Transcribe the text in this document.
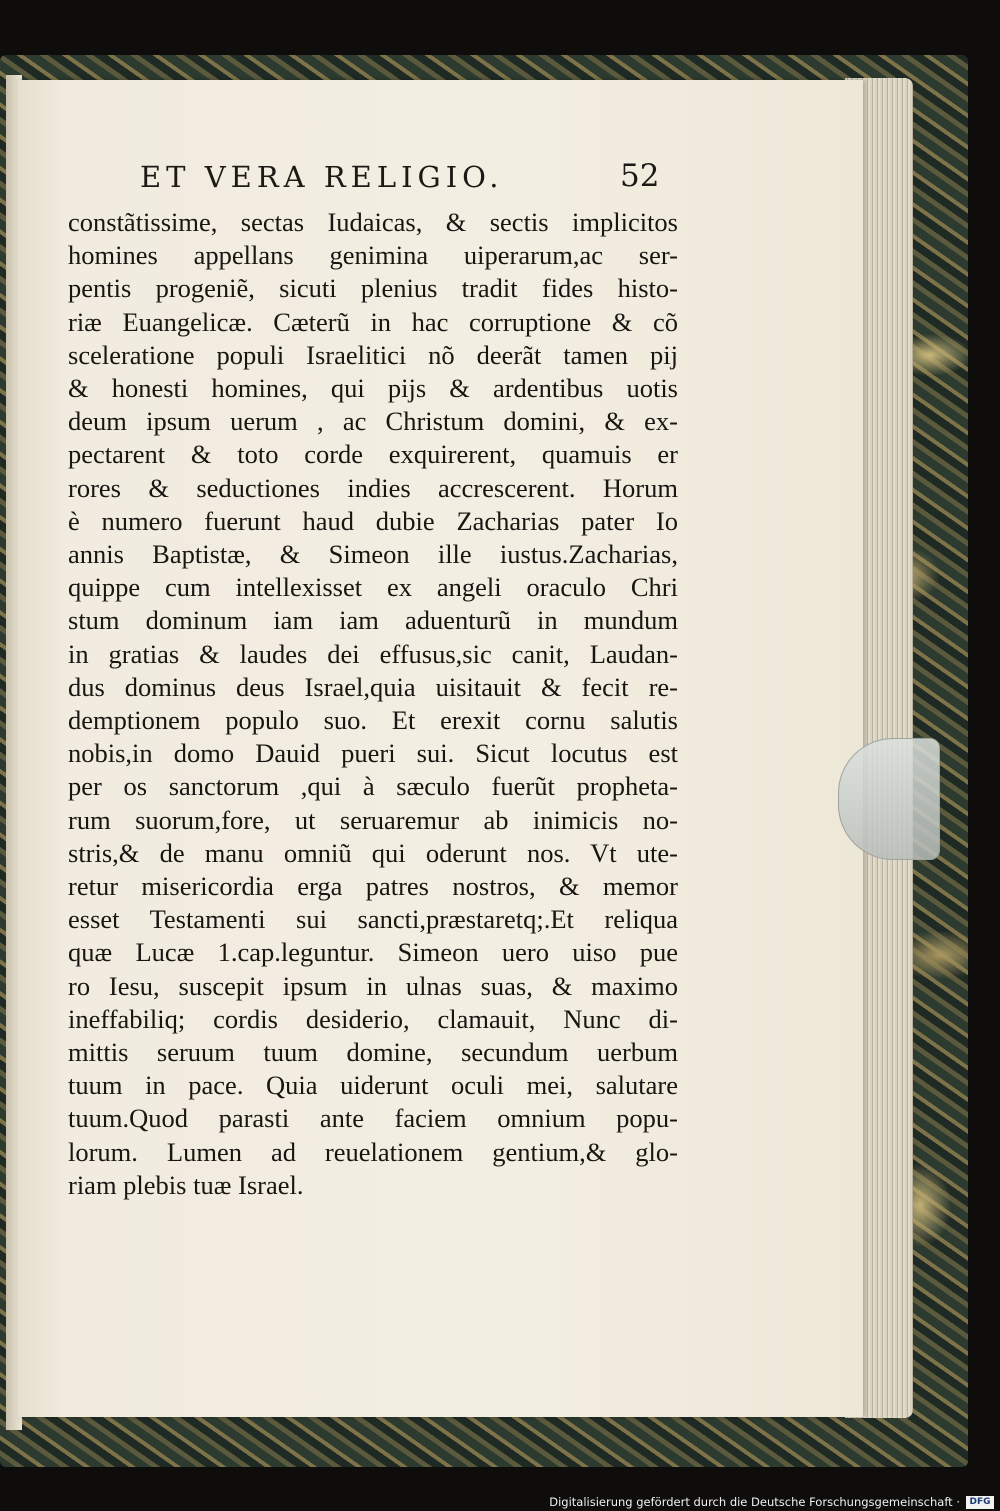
ET VERA RELIGIO.	52
constãtissime, sectas Iudaicas, & sectis implicitos
homines appellans genimina uiperarum,ac ser-
pentis progeniẽ, sicuti plenius tradit fides histo-
riæ Euangelicæ. Cæterũ in hac corruptione & cõ
sceleratione populi Israelitici nõ deerãt tamen pij
& honesti homines, qui pijs & ardentibus uotis
deum ipsum uerum , ac Christum domini, & ex-
pectarent & toto corde exquirerent, quamuis er
rores & seductiones indies accrescerent. Horum
è numero fuerunt haud dubie Zacharias pater Io
annis Baptistæ, & Simeon ille iustus.Zacharias,
quippe cum intellexisset ex angeli oraculo Chri
stum dominum iam iam aduenturũ in mundum
in gratias & laudes dei effusus,sic canit, Laudan-
dus dominus deus Israel,quia uisitauit & fecit re-
demptionem populo suo. Et erexit cornu salutis
nobis,in domo Dauid pueri sui. Sicut locutus est
per os sanctorum ,qui à sæculo fuerũt propheta-
rum suorum,fore, ut seruaremur ab inimicis no-
stris,& de manu omniũ qui oderunt nos. Vt ute-
retur misericordia erga patres nostros, & memor
esset Testamenti sui sancti,præstaretq;.Et reliqua
quæ Lucæ 1.cap.leguntur. Simeon uero uiso pue
ro Iesu, suscepit ipsum in ulnas suas, & maximo
ineffabiliq; cordis desiderio, clamauit, Nunc di-
mittis seruum tuum domine, secundum uerbum
tuum in pace. Quia uiderunt oculi mei, salutare
tuum.Quod parasti ante faciem omnium popu-
lorum. Lumen ad reuelationem gentium,& glo-
riam plebis tuæ Israel.
Digitalisierung gefördert durch die Deutsche Forschungsgemeinschaft ·	DFG
